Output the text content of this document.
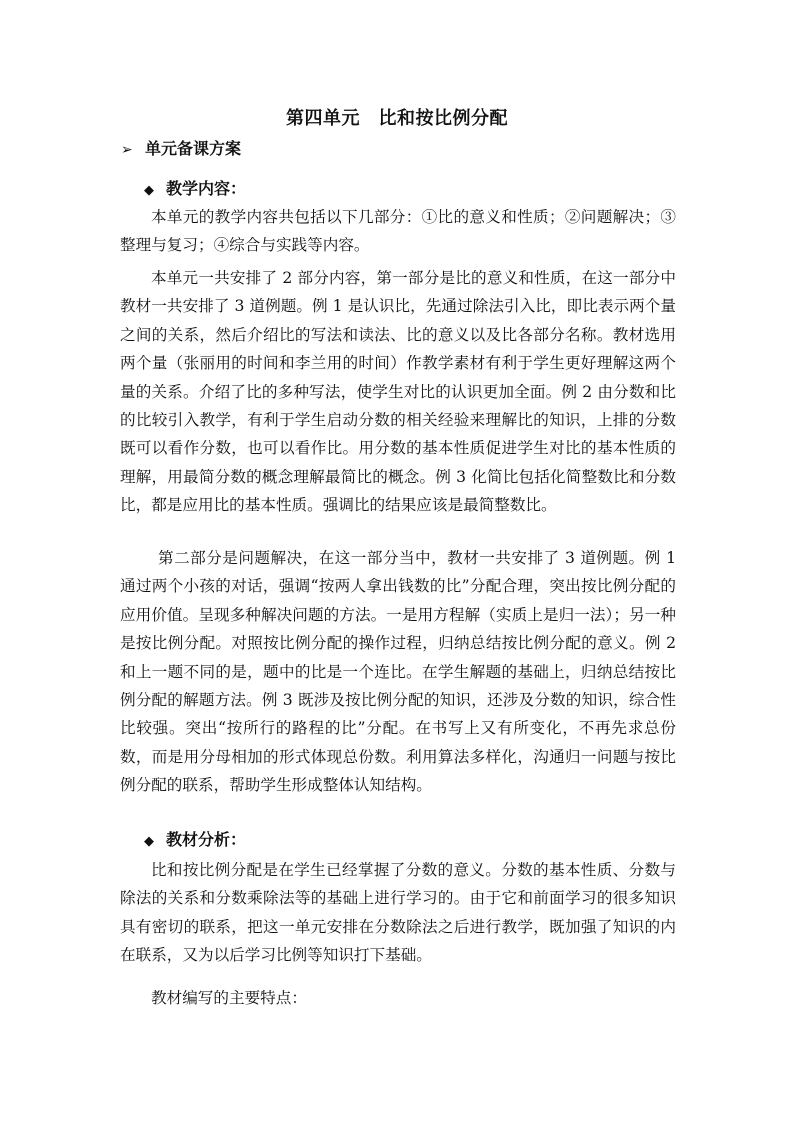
第四单元　比和按比例分配
➢ 单元备课方案
◆ 教学内容：
本单元的教学内容共包括以下几部分：①比的意义和性质；②问题解决；③整理与复习；④综合与实践等内容。
本单元一共安排了 2 部分内容，第一部分是比的意义和性质，在这一部分中教材一共安排了 3 道例题。例 1 是认识比，先通过除法引入比，即比表示两个量之间的关系，然后介绍比的写法和读法、比的意义以及比各部分名称。教材选用两个量（张丽用的时间和李兰用的时间）作教学素材有利于学生更好理解这两个量的关系。介绍了比的多种写法，使学生对比的认识更加全面。例 2 由分数和比的比较引入教学，有利于学生启动分数的相关经验来理解比的知识，上排的分数既可以看作分数，也可以看作比。用分数的基本性质促进学生对比的基本性质的理解，用最简分数的概念理解最简比的概念。例 3 化简比包括化简整数比和分数比，都是应用比的基本性质。强调比的结果应该是最简整数比。
第二部分是问题解决，在这一部分当中，教材一共安排了 3 道例题。例 1 通过两个小孩的对话，强调“按两人拿出钱数的比”分配合理，突出按比例分配的应用价值。呈现多种解决问题的方法。一是用方程解（实质上是归一法）；另一种是按比例分配。对照按比例分配的操作过程，归纳总结按比例分配的意义。例 2 和上一题不同的是，题中的比是一个连比。在学生解题的基础上，归纳总结按比例分配的解题方法。例 3 既涉及按比例分配的知识，还涉及分数的知识，综合性比较强。突出“按所行的路程的比”分配。在书写上又有所变化，不再先求总份数，而是用分母相加的形式体现总份数。利用算法多样化，沟通归一问题与按比例分配的联系，帮助学生形成整体认知结构。
◆ 教材分析：
比和按比例分配是在学生已经掌握了分数的意义。分数的基本性质、分数与除法的关系和分数乘除法等的基础上进行学习的。由于它和前面学习的很多知识具有密切的联系，把这一单元安排在分数除法之后进行教学，既加强了知识的内在联系，又为以后学习比例等知识打下基础。
教材编写的主要特点：
